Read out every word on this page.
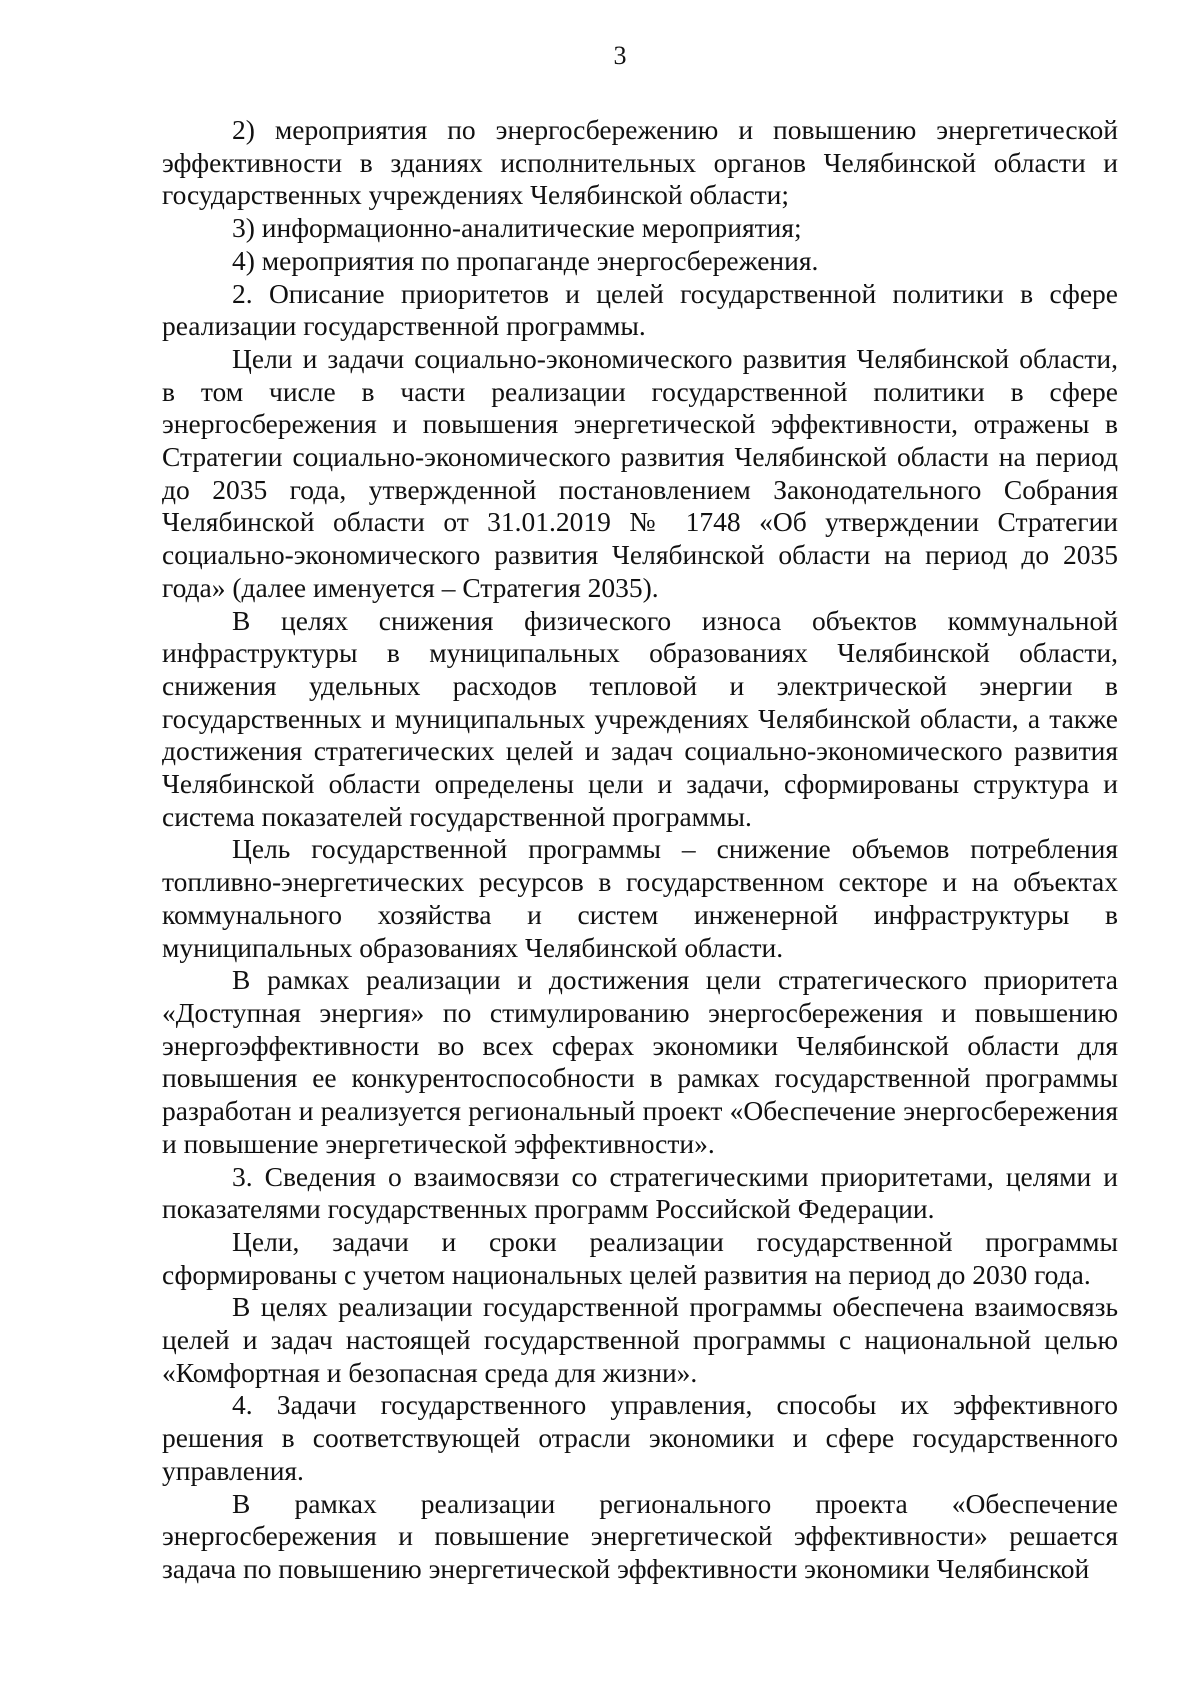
3

2) мероприятия по энергосбережению и повышению энергетической эффективности в зданиях исполнительных органов Челябинской области и государственных учреждениях Челябинской области;

3) информационно-аналитические мероприятия;

4) мероприятия по пропаганде энергосбережения.

2. Описание приоритетов и целей государственной политики в сфере реализации государственной программы.

Цели и задачи социально-экономического развития Челябинской области, в том числе в части реализации государственной политики в сфере энергосбережения и повышения энергетической эффективности, отражены в Стратегии социально-экономического развития Челябинской области на период до 2035 года, утвержденной постановлением Законодательного Собрания Челябинской области от 31.01.2019 № 1748 «Об утверждении Стратегии социально-экономического развития Челябинской области на период до 2035 года» (далее именуется – Стратегия 2035).

В целях снижения физического износа объектов коммунальной инфраструктуры в муниципальных образованиях Челябинской области, снижения удельных расходов тепловой и электрической энергии в государственных и муниципальных учреждениях Челябинской области, а также достижения стратегических целей и задач социально-экономического развития Челябинской области определены цели и задачи, сформированы структура и система показателей государственной программы.

Цель государственной программы – снижение объемов потребления топливно-энергетических ресурсов в государственном секторе и на объектах коммунального хозяйства и систем инженерной инфраструктуры в муниципальных образованиях Челябинской области.

В рамках реализации и достижения цели стратегического приоритета «Доступная энергия» по стимулированию энергосбережения и повышению энергоэффективности во всех сферах экономики Челябинской области для повышения ее конкурентоспособности в рамках государственной программы разработан и реализуется региональный проект «Обеспечение энергосбережения и повышение энергетической эффективности».

3. Сведения о взаимосвязи со стратегическими приоритетами, целями и показателями государственных программ Российской Федерации.

Цели, задачи и сроки реализации государственной программы сформированы с учетом национальных целей развития на период до 2030 года.

В целях реализации государственной программы обеспечена взаимосвязь целей и задач настоящей государственной программы с национальной целью «Комфортная и безопасная среда для жизни».

4. Задачи государственного управления, способы их эффективного решения в соответствующей отрасли экономики и сфере государственного управления.

В рамках реализации регионального проекта «Обеспечение энергосбережения и повышение энергетической эффективности» решается задача по повышению энергетической эффективности экономики Челябинской
